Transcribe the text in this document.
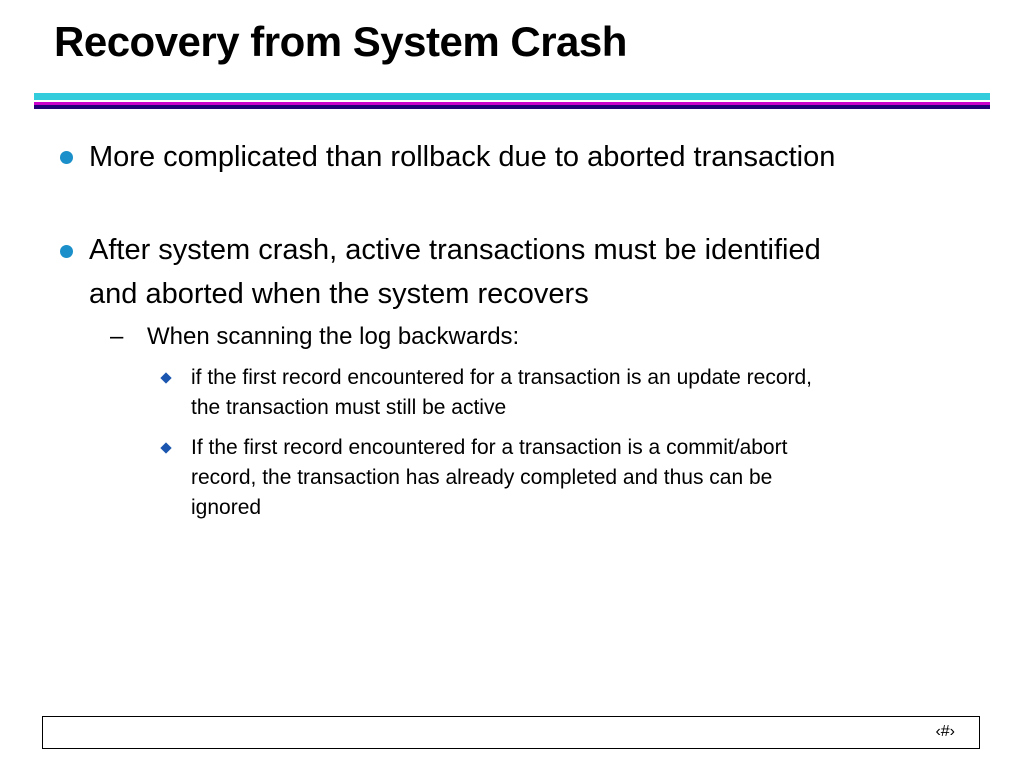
Recovery from System Crash
More complicated than rollback due to aborted transaction
After system crash, active transactions must be identified
and aborted when the system recovers
– When scanning the log backwards:
if the first record encountered for a transaction is an update record,
the transaction must still be active
If the first record encountered for a transaction is a commit/abort
record, the transaction has already completed and thus can be
ignored
‹#›
